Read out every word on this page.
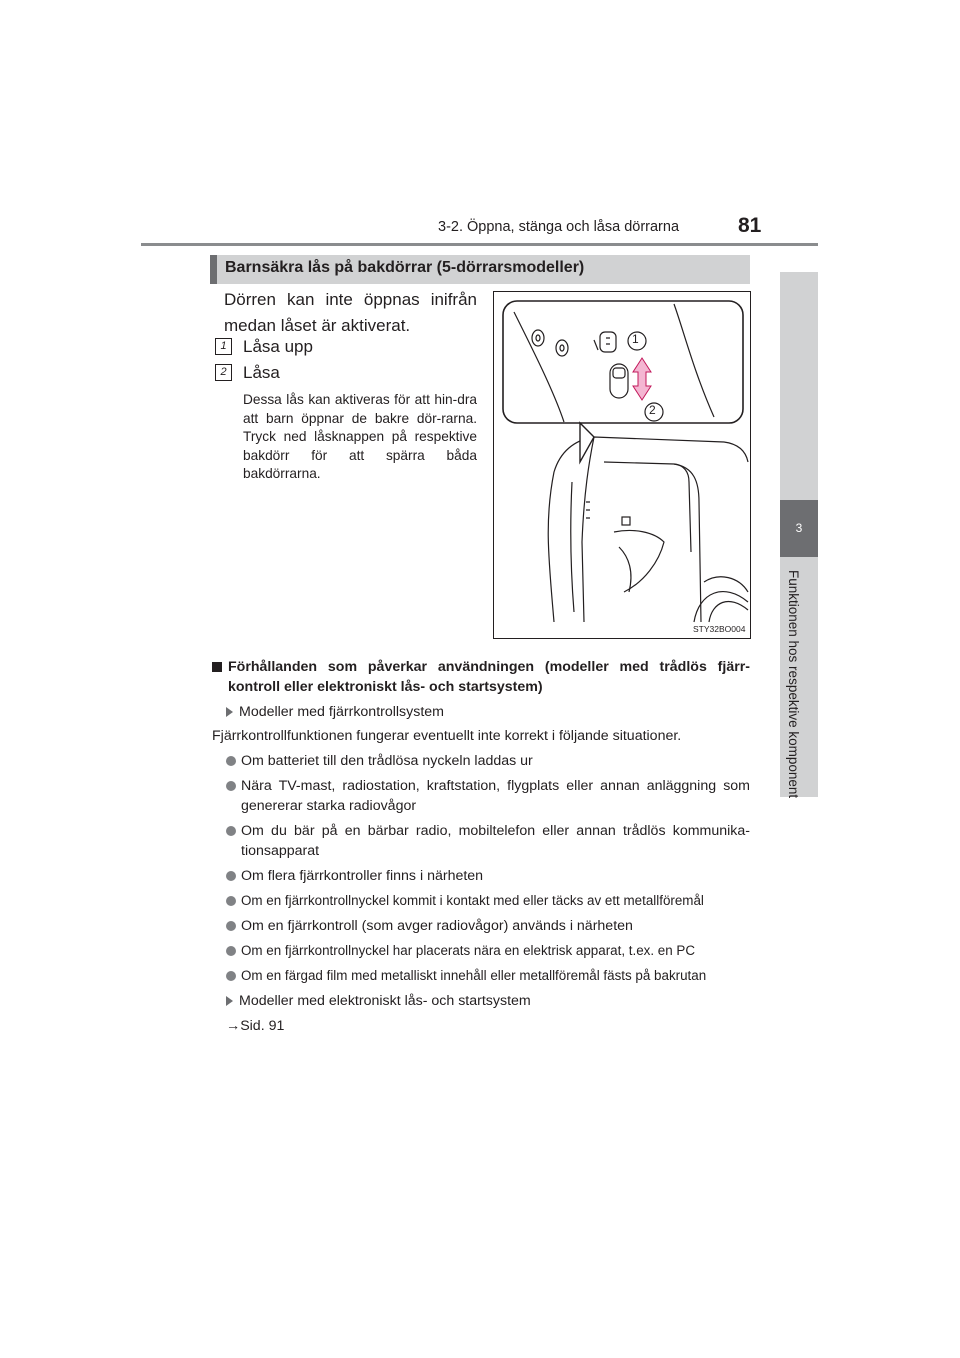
3-2. Öppna, stänga och låsa dörrarna	81
3
Funktionen hos respektive komponent
Barnsäkra lås på bakdörrar (5-dörrarsmodeller)
Dörren kan inte öppnas inifrån medan låset är aktiverat.
1 Låsa upp
2 Låsa
Dessa lås kan aktiveras för att hin-dra att barn öppnar de bakre dör-rarna. Tryck ned låsknappen på respektive bakdörr för att spärra båda bakdörrarna.
1
2
STY32BO004
Förhållanden som påverkar användningen (modeller med trådlös fjärr-kontroll eller elektroniskt lås- och startsystem)
Modeller med fjärrkontrollsystem
Fjärrkontrollfunktionen fungerar eventuellt inte korrekt i följande situationer.
Om batteriet till den trådlösa nyckeln laddas ur
Nära TV-mast, radiostation, kraftstation, flygplats eller annan anläggning som genererar starka radiovågor
Om du bär på en bärbar radio, mobiltelefon eller annan trådlös kommunika-tionsapparat
Om flera fjärrkontroller finns i närheten
Om en fjärrkontrollnyckel kommit i kontakt med eller täcks av ett metallföremål
Om en fjärrkontroll (som avger radiovågor) används i närheten
Om en fjärrkontrollnyckel har placerats nära en elektrisk apparat, t.ex. en PC
Om en färgad film med metalliskt innehåll eller metallföremål fästs på bakrutan
Modeller med elektroniskt lås- och startsystem
→Sid. 91
